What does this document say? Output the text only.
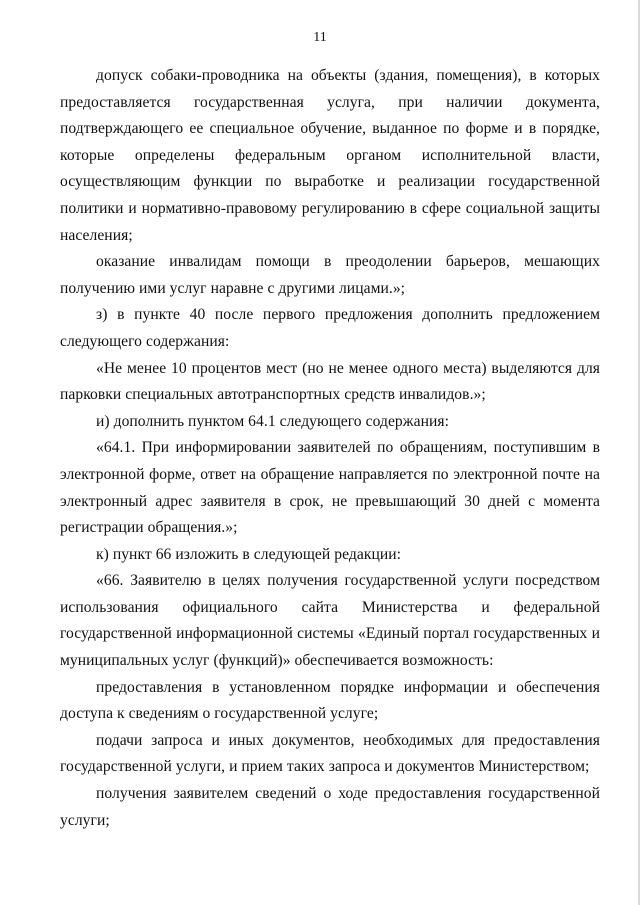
11

допуск собаки-проводника на объекты (здания, помещения), в которых предоставляется государственная услуга, при наличии документа, подтверждающего ее специальное обучение, выданное по форме и в порядке, которые определены федеральным органом исполнительной власти, осуществляющим функции по выработке и реализации государственной политики и нормативно-правовому регулированию в сфере социальной защиты населения;

оказание инвалидам помощи в преодолении барьеров, мешающих получению ими услуг наравне с другими лицами.»;

з) в пункте 40 после первого предложения дополнить предложением следующего содержания:

«Не менее 10 процентов мест (но не менее одного места) выделяются для парковки специальных автотранспортных средств инвалидов.»;

и) дополнить пунктом 64.1 следующего содержания:

«64.1. При информировании заявителей по обращениям, поступившим в электронной форме, ответ на обращение направляется по электронной почте на электронный адрес заявителя в срок, не превышающий 30 дней с момента регистрации обращения.»;

к) пункт 66 изложить в следующей редакции:

«66. Заявителю в целях получения государственной услуги посредством использования официального сайта Министерства и федеральной государственной информационной системы «Единый портал государственных и муниципальных услуг (функций)» обеспечивается возможность:

предоставления в установленном порядке информации и обеспечения доступа к сведениям о государственной услуге;

подачи запроса и иных документов, необходимых для предоставления государственной услуги, и прием таких запроса и документов Министерством;

получения заявителем сведений о ходе предоставления государственной услуги;
